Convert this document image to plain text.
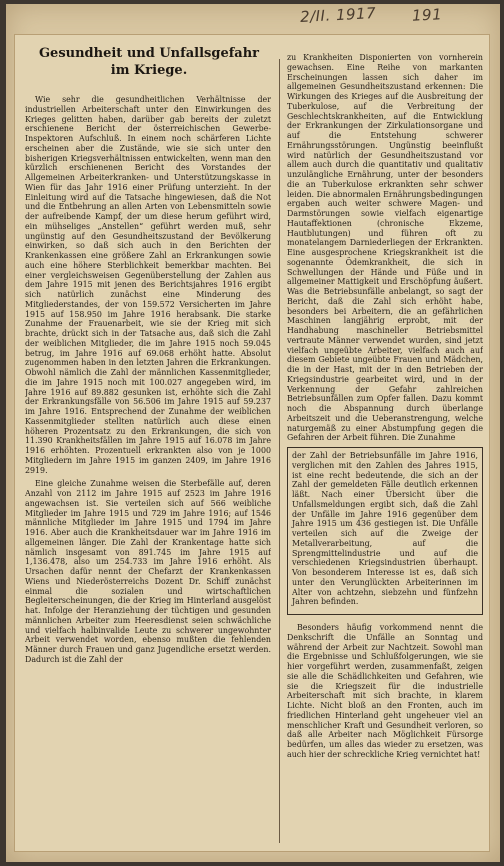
2/II. 1917 191
Gesundheit und Unfallsgefahr im Kriege.

Wie sehr die gesundheitlichen Verhältnisse der industriellen Arbeiterschaft unter den Einwirkungen des Krieges gelitten haben, darüber gab bereits der zuletzt erschienene Bericht der österreichischen Gewerbe-Inspektoren Aufschluß. In einem noch schärferen Lichte erscheinen aber die Zustände, wie sie sich unter den bisherigen Kriegsverhältnissen entwickelten, wenn man den kürzlich erschienenen Bericht des Vorstandes der Allgemeinen Arbeiterkranken- und Unterstützungskasse in Wien für das Jahr 1916 einer Prüfung unterzieht. In der Einleitung wird auf die Tatsache hingewiesen, daß die Not und die Entbehrung an allen Arten von Lebensmitteln sowie der aufreibende Kampf, der um diese herum geführt wird, ein mühseliges „Anstellen“ geführt werden muß, sehr ungünstig auf den Gesundheitszustand der Bevölkerung einwirken, so daß sich auch in den Berichten der Krankenkassen eine größere Zahl an Erkrankungen sowie auch eine höhere Sterblichkeit bemerkbar machten. Bei einer vergleichsweisen Gegenüberstellung der Zahlen aus dem Jahre 1915 mit jenen des Berichtsjahres 1916 ergibt sich natürlich zunächst eine Minderung des Mitgliederstandes, der von 159.572 Versicherten im Jahre 1915 auf 158.950 im Jahre 1916 herabsank. Die starke Zunahme der Frauenarbeit, wie sie der Krieg mit sich brachte, drückt sich in der Tatsache aus, daß sich die Zahl der weiblichen Mitglieder, die im Jahre 1915 noch 59.045 betrug, im Jahre 1916 auf 69.068 erhöht hatte. Absolut zugenommen haben in den letzten Jahren die Erkrankungen. Obwohl nämlich die Zahl der männlichen Kassenmitglieder, die im Jahre 1915 noch mit 100.027 angegeben wird, im Jahre 1916 auf 89.882 gesunken ist, erhöhte sich die Zahl der Erkrankungsfälle von 56.506 im Jahre 1915 auf 59.237 im Jahre 1916. Entsprechend der Zunahme der weiblichen Kassenmitglieder stellten natürlich auch diese einen höheren Prozentsatz zu den Erkrankungen, die sich von 11.390 Krankheitsfällen im Jahre 1915 auf 16.078 im Jahre 1916 erhöhten. Prozentuell erkrankten also von je 1000 Mitgliedern im Jahre 1915 im ganzen 2409, im Jahre 1916 2919.

Eine gleiche Zunahme weisen die Sterbefälle auf, deren Anzahl von 2112 im Jahre 1915 auf 2523 im Jahre 1916 angewachsen ist. Sie verteilen sich auf 566 weibliche Mitglieder im Jahre 1915 und 729 im Jahre 1916; auf 1546 männliche Mitglieder im Jahre 1915 und 1794 im Jahre 1916. Aber auch die Krankheitsdauer war im Jahre 1916 im allgemeinen länger. Die Zahl der Krankentage hatte sich nämlich insgesamt von 891.745 im Jahre 1915 auf 1,136.478, also um 254.733 im Jahre 1916 erhöht. Als Ursachen dafür nennt der Chefarzt der Krankenkassen Wiens und Niederösterreichs Dozent Dr. Schiff zunächst einmal die sozialen und wirtschaftlichen Begleiterscheinungen, die der Krieg im Hinterland ausgelöst hat. Infolge der Heranziehung der tüchtigen und gesunden männlichen Arbeiter zum Heeresdienst seien schwächliche und vielfach halbinvalide Leute zu schwerer ungewohnter Arbeit verwendet worden, ebenso mußten die fehlenden Männer durch Frauen und ganz Jugendliche ersetzt werden. Dadurch ist die Zahl der

zu Krankheiten Disponierten von vornherein gewachsen. Eine Reihe von markanten Erscheinungen lassen sich daher im allgemeinen Gesundheitszustand erkennen: Die Wirkungen des Krieges auf die Ausbreitung der Tuberkulose, auf die Verbreitung der Geschlechtskrankheiten, auf die Entwicklung der Erkrankungen der Zirkulationsorgane und auf die Entstehung schwerer Ernährungsstörungen. Ungünstig beeinflußt wird natürlich der Gesundheitszustand vor allem auch durch die quantitativ und qualitativ unzulängliche Ernährung, unter der besonders die an Tuberkulose erkrankten sehr schwer leiden. Die abnormalen Ernährungsbedingungen ergaben auch weiter schwere Magen- und Darmstörungen sowie vielfach eigenartige Hautaffektionen (chronische Ekzeme, Hautblutungen) und führen oft zu monatelangem Darniederliegen der Erkrankten. Eine ausgesprochene Kriegskrankheit ist die sogenannte Ödemkrankheit, die sich in Schwellungen der Hände und Füße und in allgemeiner Mattigkeit und Erschöpfung äußert. Was die Betriebsunfälle anbelangt, so sagt der Bericht, daß die Zahl sich erhöht habe, besonders bei Arbeitern, die an gefährlichen Maschinen langjährig erprobt, mit der Handhabung maschineller Betriebsmittel vertraute Männer verwendet wurden, sind jetzt vielfach ungeübte Arbeiter, vielfach auch auf diesem Gebiete ungeübte Frauen und Mädchen, die in der Hast, mit der in den Betrieben der Kriegsindustrie gearbeitet wird, und in der Verkennung der Gefahr zahlreichen Betriebsunfällen zum Opfer fallen. Dazu kommt noch die Abspannung durch überlange Arbeitszeit und die Ueberanstrengung, welche naturgemäß zu einer Abstumpfung gegen die Gefahren der Arbeit führen. Die Zunahme

der Zahl der Betriebsunfälle im Jahre 1916, verglichen mit den Zahlen des Jahres 1915, ist eine recht bedeutende, die sich an der Zahl der gemeldeten Fälle deutlich erkennen läßt. Nach einer Übersicht über die Unfallsmeldungen ergibt sich, daß die Zahl der Unfälle im Jahre 1916 gegenüber dem Jahre 1915 um 436 gestiegen ist. Die Unfälle verteilen sich auf die Zweige der Metallverarbeitung, auf die Sprengmittelindustrie und auf die verschiedenen Kriegsindustrien überhaupt. Von besonderem Interesse ist es, daß sich unter den Verunglückten Arbeiterinnen im Alter von achtzehn, siebzehn und fünfzehn Jahren befinden.

Besonders häufig vorkommend nennt die Denkschrift die Unfälle an Sonntag und während der Arbeit zur Nachtzeit. Sowohl man die Ergebnisse und Schlußfolgerungen, wie sie hier vorgeführt werden, zusammenfaßt, zeigen sie alle die Schädlichkeiten und Gefahren, wie sie die Kriegszeit für die industrielle Arbeiterschaft mit sich brachte, in klarem Lichte. Nicht bloß an den Fronten, auch im friedlichen Hinterland geht ungeheuer viel an menschlicher Kraft und Gesundheit verloren, so daß alle Arbeiter nach Möglichkeit Fürsorge bedürfen, um alles das wieder zu ersetzen, was auch hier der schreckliche Krieg vernichtet hat!
